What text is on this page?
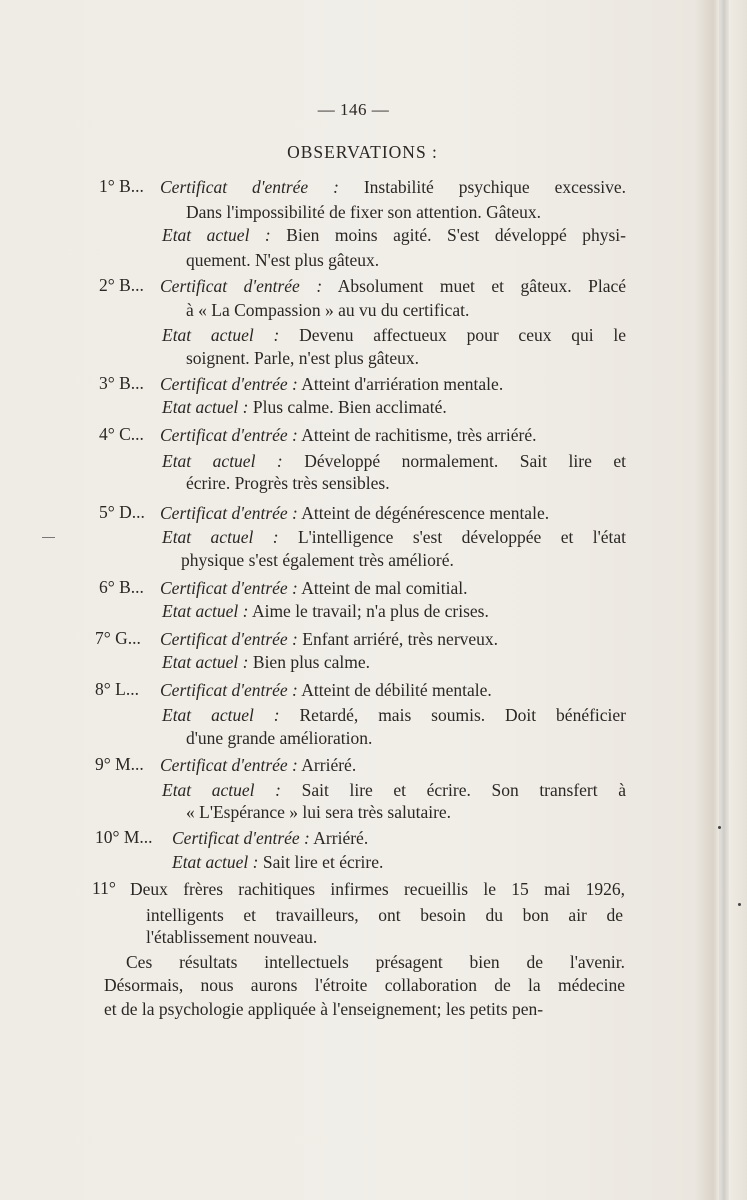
— 146 —
OBSERVATIONS :
1° B... Certificat d'entrée : Instabilité psychique excessive.
Dans l'impossibilité de fixer son attention. Gâteux.
Etat actuel : Bien moins agité. S'est développé physi-
quement. N'est plus gâteux.
2° B... Certificat d'entrée : Absolument muet et gâteux. Placé
à « La Compassion » au vu du certificat.
Etat actuel : Devenu affectueux pour ceux qui le
soignent. Parle, n'est plus gâteux.
3° B... Certificat d'entrée : Atteint d'arriération mentale.
Etat actuel : Plus calme. Bien acclimaté.
4° C... Certificat d'entrée : Atteint de rachitisme, très arriéré.
Etat actuel : Développé normalement. Sait lire et
écrire. Progrès très sensibles.
5° D... Certificat d'entrée : Atteint de dégénérescence mentale.
Etat actuel : L'intelligence s'est développée et l'état
physique s'est également très amélioré.
6° B... Certificat d'entrée : Atteint de mal comitial.
Etat actuel : Aime le travail; n'a plus de crises.
7° G... Certificat d'entrée : Enfant arriéré, très nerveux.
Etat actuel : Bien plus calme.
8° L... Certificat d'entrée : Atteint de débilité mentale.
Etat actuel : Retardé, mais soumis. Doit bénéficier
d'une grande amélioration.
9° M... Certificat d'entrée : Arriéré.
Etat actuel : Sait lire et écrire. Son transfert à
« L'Espérance » lui sera très salutaire.
10° M... Certificat d'entrée : Arriéré.
Etat actuel : Sait lire et écrire.
11° Deux frères rachitiques infirmes recueillis le 15 mai 1926,
intelligents et travailleurs, ont besoin du bon air de
l'établissement nouveau.
Ces résultats intellectuels présagent bien de l'avenir.
Désormais, nous aurons l'étroite collaboration de la médecine
et de la psychologie appliquée à l'enseignement; les petits pen-
